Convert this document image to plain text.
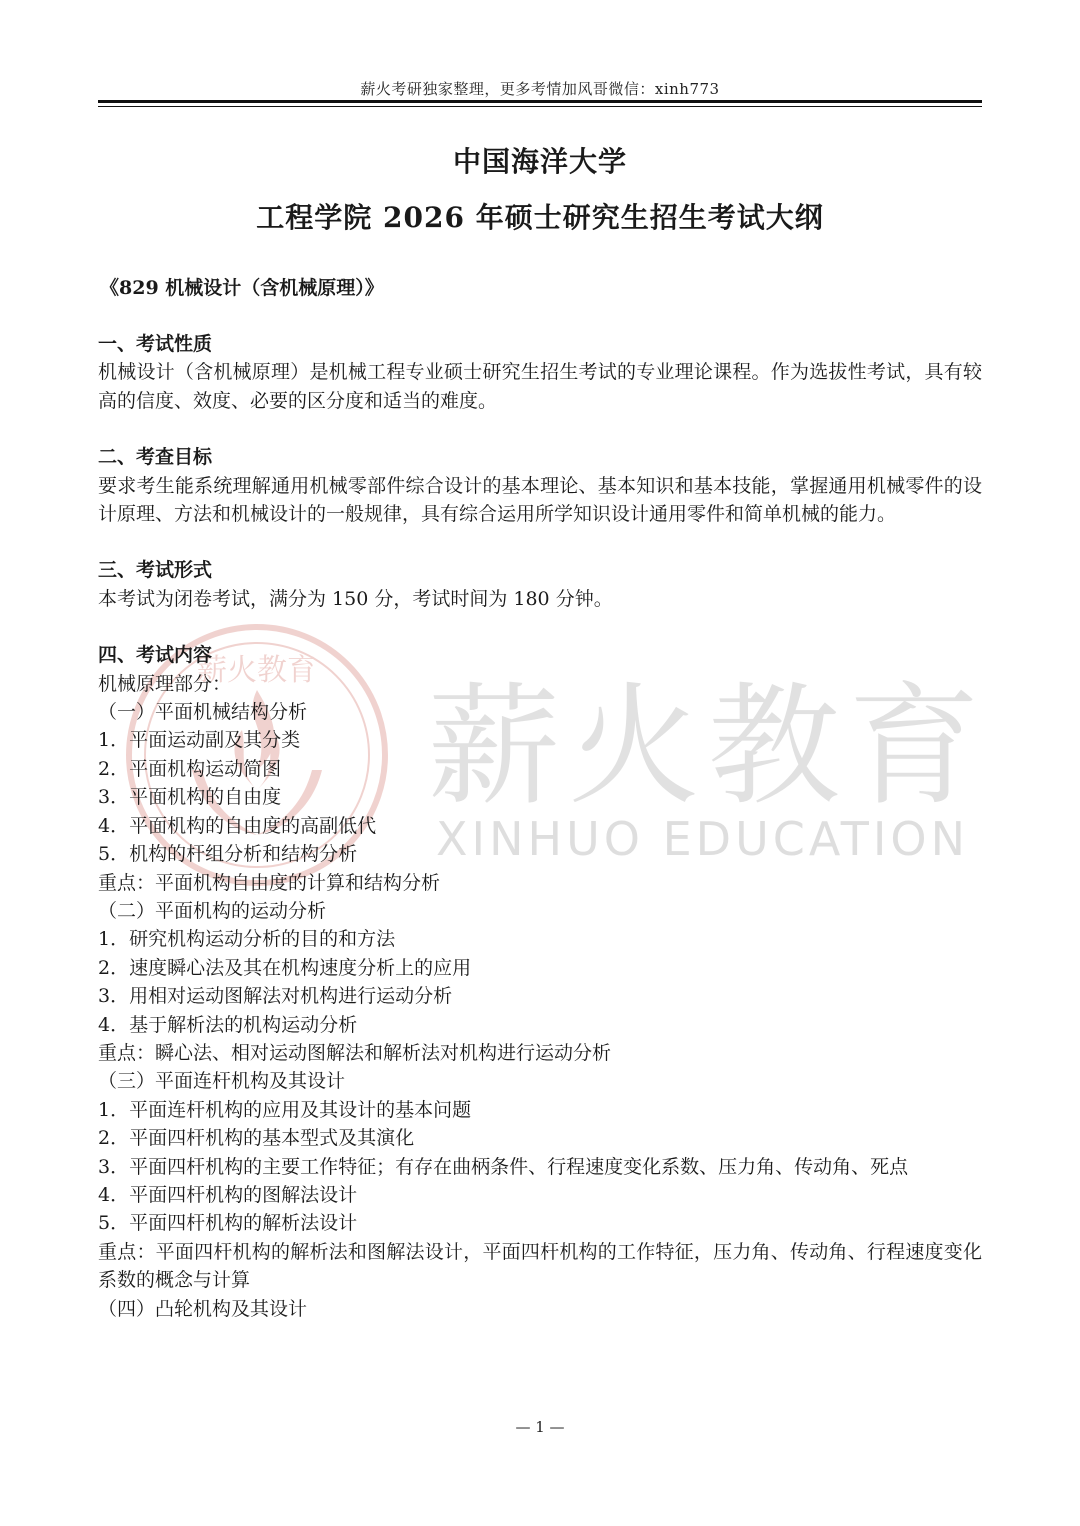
薪火教育 薪火教育
XINHUO EDUCATION
薪火考研独家整理，更多考情加风哥微信：xinh773
中国海洋大学
工程学院 2026 年硕士研究生招生考试大纲
《829 机械设计（含机械原理）》
一、考试性质
机械设计（含机械原理）是机械工程专业硕士研究生招生考试的专业理论课程。作为选拔性考试，具有较高的信度、效度、必要的区分度和适当的难度。
二、考查目标
要求考生能系统理解通用机械零部件综合设计的基本理论、基本知识和基本技能，掌握通用机械零件的设计原理、方法和机械设计的一般规律，具有综合运用所学知识设计通用零件和简单机械的能力。
三、考试形式
本考试为闭卷考试，满分为 150 分，考试时间为 180 分钟。
四、考试内容
机械原理部分：
（一）平面机械结构分析
1．平面运动副及其分类
2．平面机构运动简图
3．平面机构的自由度
4．平面机构的自由度的高副低代
5．机构的杆组分析和结构分析
重点：平面机构自由度的计算和结构分析
（二）平面机构的运动分析
1．研究机构运动分析的目的和方法
2．速度瞬心法及其在机构速度分析上的应用
3．用相对运动图解法对机构进行运动分析
4．基于解析法的机构运动分析
重点：瞬心法、相对运动图解法和解析法对机构进行运动分析
（三）平面连杆机构及其设计
1．平面连杆机构的应用及其设计的基本问题
2．平面四杆机构的基本型式及其演化
3．平面四杆机构的主要工作特征；有存在曲柄条件、行程速度变化系数、压力角、传动角、死点
4．平面四杆机构的图解法设计
5．平面四杆机构的解析法设计
重点：平面四杆机构的解析法和图解法设计，平面四杆机构的工作特征，压力角、传动角、行程速度变化系数的概念与计算
（四）凸轮机构及其设计
— 1 —
